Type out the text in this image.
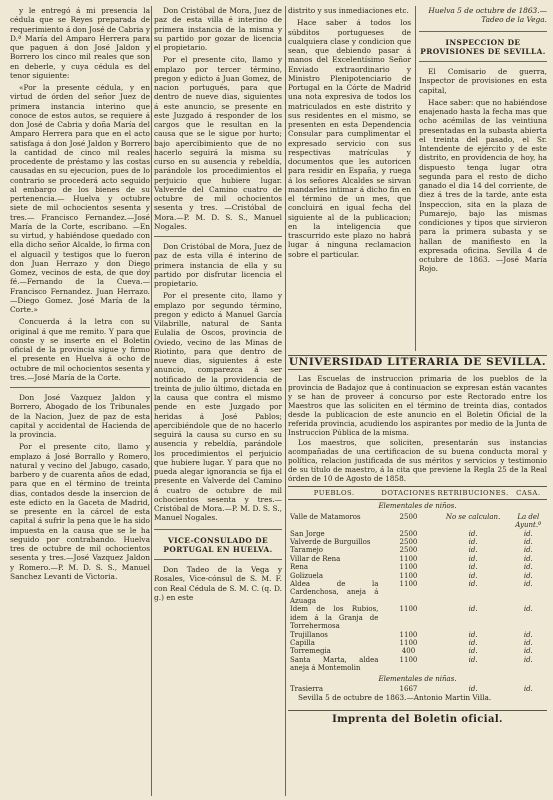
y le entregó á mi presencia la cédula que se Reyes preparada de requerimiento á don José de Cabria y D.ª María del Amparo Herrera para que paguen á don José Jaldon y Borrero los cinco mil reales que son en deberle, y cuya cédula es del tenor siguiente:

«Por la presente cédula, y en virtud de órden del señor Juez de primera instancia interino que conoce de estos autos, se requiere á don José de Cabria y doña María del Amparo Herrera para que en el acto satisfaga á don José Jaldon y Borrero la cantidad de cinco mil reales procedente de préstamo y las costas causadas en su ejecucion, pues de lo contrario se procederá acto seguido al embargo de los bienes de su pertenencia.— Huelva y octubre siete de mil ochocientos sesenta y tres.— Francisco Fernandez.—José María de la Corte, escribano. —En su virtud, y habiéndose quedado con ella dicho señor Alcalde, lo firma con el alguacil y testigos que lo fueron don Juan Herrazo y don Diego Gomez, vecinos de esta, de que doy fé.—Fernando de la Cueva.—Francisco Fernandez. Juan Herrazo.—Diego Gomez. José María de la Corte.»

Concuerda á la letra con su original á que me remito. Y para que conste y se inserte en el Boletin oficial de la provincia sigue y firmo el presente en Huelva á ocho de octubre de mil ochocientos sesenta y tres.—José María de la Corte.

Don José Vazquez Jaldon y Borrero, Abogado de los Tribunales de la Nacion, Juez de paz de esta capital y accidental de Hacienda de la provincia.

Por el presente cito, llamo y emplazo á José Borrallo y Romero, natural y vecino del Jabugo, casado, barbero y de cuarenta años de edad, para que en el término de treinta dias, contados desde la insercion de este edicto en la Gaceta de Madrid, se presente en la cárcel de esta capital á sufrir la pena que le ha sido impuesta en la causa que se le ha seguido por contrabando. Huelva tres de octubre de mil ochocientos sesenta y tres.—José Vazquez Jaldon y Romero.—P. M. D. S. S., Manuel Sanchez Levanti de Victoria.

Don Cristóbal de Mora, Juez de paz de esta villa é interino de primera instancia de la misma y su partido por gozar de licencia el propietario.

Por el presente cito, llamo y emplazo por tercer término, pregon y edicto á Juan Gomez, de nacion portugués, para que dentro de nueve dias, siguientes á este anuncio, se presente en este Juzgado á responder de los cargos que le resultan en la causa que se le sigue por hurto; bajo apercibimiento que de no hacerlo seguirá la misma su curso en su ausencia y rebeldía, parándole los procedimientos el perjuicio que hubiere lugar. Valverde del Camino cuatro de octubre de mil ochocientos sesenta y tres. —Cristóbal de Mora.—P. M. D. S. S., Manuel Nogales.

Don Cristóbal de Mora, Juez de paz de esta villa é interino de primera instancia de ella y su partido por disfrutar licencia el propietario.

Por el presente cito, llamo y emplazo por segundo término, pregon y edicto á Manuel García Vilabrille, natural de Santa Eulalia de Oscos, provincia de Oviedo, vecino de las Minas de Riotinto, para que dentro de nueve dias, siguientes á este anuncio, comparezca á ser notificado de la providencia de treinta de julio último, dictada en la causa que contra el mismo pende en este Juzgado por heridas á José Pablos; apercibiéndole que de no hacerlo seguirá la causa su curso en su ausencia y rebeldía, parándole los procedimientos el perjuicio que hubiere lugar. Y para que no pueda alegar ignorancia se fija el presente en Valverde del Camino á cuatro de octubre de mil ochocientos sesenta y tres.—Cristóbal de Mora.—P. M. D. S. S., Manuel Nogales.

VICE-CONSULADO DE PORTUGAL EN HUELVA.

Don Tadeo de la Vega y Rosales, Vice-cónsul de S. M. F. con Real Cédula de S. M. C. (q. D. g.) en este

distrito y sus inmediaciones etc.

Hace saber á todos los súbditos portugueses de cualquiera clase y condicion que sean, que debiendo pasar á manos del Excelentísimo Señor Enviado extraordinario y Ministro Plenipotenciario de Portugal en la Córte de Madrid una nota expresiva de todos los matriculados en este distrito y sus residentes en el mismo, se presenten en esta Dependencia Consular para cumplimentar el expresado servicio con sus respectivas matrículas y documentos que les autoricen para residir en España, y ruega á los señores Alcaldes se sirvan mandarles intimar á dicho fin en el término de un mes, que concluirá en igual fecha del siguiente al de la publicacion; en la inteligencia que trascurrido este plazo no habrá lugar á ninguna reclamacion sobre el particular.

Huelva 5 de octubre de 1863.—Tadeo de la Vega.

INSPECCION DE PROVISIONES DE SEVILLA.

El Comisario de guerra, Inspector de provisiones en esta capital,

Hace saber: que no habiéndose enajenado hasta la fecha mas que ocho acémilas de las veintiuna presentadas en la subasta abierta el treinta del pasado, el Sr. Intendente de ejército y de este distrito, en providencia de hoy, ha dispuesto tenga lugar otra segunda para el resto de dicho ganado el dia 14 del corriente, de diez á tres de la tarde, ante esta Inspeccion, sita en la plaza de Pumarejo, bajo las mismas condiciones y tipos que sirvieron para la primera subasta y se hallan de manifiesto en la expresada oficina. Sevilla 4 de octubre de 1863. —José María Rojo.

UNIVERSIDAD LITERARIA DE SEVILLA.

Las Escuelas de instruccion primaria de los pueblos de la provincia de Badajoz que á continuacion se expresan están vacantes y se han de proveer á concurso por este Rectorado entre los Maestros que las soliciten en el término de treinta dias, contados desde la publicacion de este anuncio en el Boletin Oficial de la referida provincia, acudiendo los aspirantes por medio de la Junta de Instruccion Pública de la misma.

Los maestros, que soliciten, presentarán sus instancias acompañadas de una certificacion de su buena conducta moral y política, relacion justificada de sus méritos y servicios y testimonio de su título de maestro, á la cita que previene la Regla 25 de la Real órden de 10 de Agosto de 1858.

PUEBLOS.	DOTACIONES	RETRIBUCIONES.	CASA.
Elementales de niños.			
Valle de Matamoros	2500	No se calculan.	La del Ayunt.º
San Jorge	2500	id.	id.
Valverde de Burguillos	2500	id.	id.
Taramejo	2500	id.	id.
Villar de Rena	1100	id.	id.
Rena	1100	id.	id.
Golizuela	1100	id.	id.
Aldea de la Cardenchosa, aneja á Azuaga	1100	id.	id.
Idem de los Rubios, idem á la Granja de Torrehermosa	1100	id.	id.
Trujillanos	1100	id.	id.
Capilla	1100	id.	id.
Torremegia	400	id.	id.
Santa Marta, aldea aneja á Montemolin	1100	id.	id.
Elementales de niñas.			
Trasierra	1667	id.	id.

Sevilla 5 de octubre de 1863.—Antonio Martin Villa.

Imprenta del Boletin oficial.
